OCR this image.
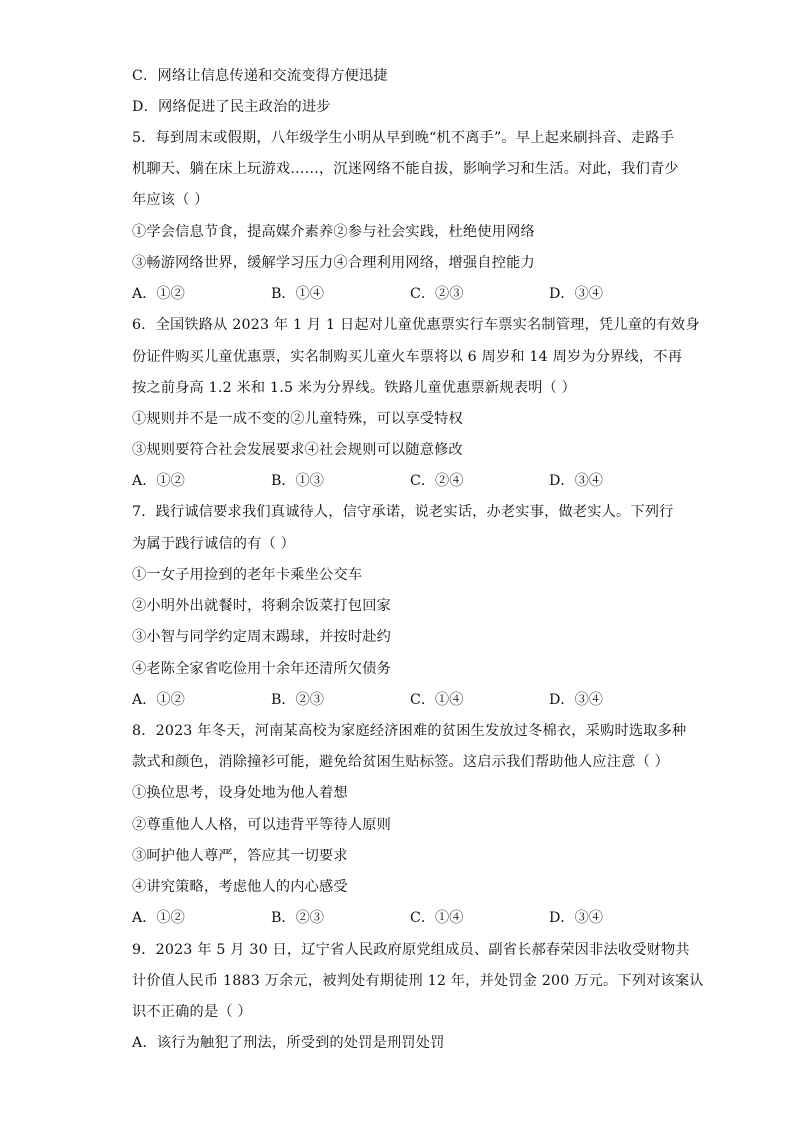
C．网络让信息传递和交流变得方便迅捷
D．网络促进了民主政治的进步
5．每到周末或假期，八年级学生小明从早到晚“机不离手”。早上起来刷抖音、走路手
机聊天、躺在床上玩游戏……，沉迷网络不能自拔，影响学习和生活。对此，我们青少
年应该（ ）
①学会信息节食，提高媒介素养②参与社会实践，杜绝使用网络
③畅游网络世界，缓解学习压力④合理利用网络，增强自控能力
A．①②	B．①④	C．②③	D．③④
6．全国铁路从 2023 年 1 月 1 日起对儿童优惠票实行车票实名制管理，凭儿童的有效身
份证件购买儿童优惠票，实名制购买儿童火车票将以 6 周岁和 14 周岁为分界线，不再
按之前身高 1.2 米和 1.5 米为分界线。铁路儿童优惠票新规表明（ ）
①规则并不是一成不变的②儿童特殊，可以享受特权
③规则要符合社会发展要求④社会规则可以随意修改
A．①②	B．①③	C．②④	D．③④
7．践行诚信要求我们真诚待人，信守承诺，说老实话，办老实事，做老实人。下列行
为属于践行诚信的有（ ）
①一女子用捡到的老年卡乘坐公交车
②小明外出就餐时，将剩余饭菜打包回家
③小智与同学约定周末踢球，并按时赴约
④老陈全家省吃俭用十余年还清所欠债务
A．①②	B．②③	C．①④	D．③④
8．2023 年冬天，河南某高校为家庭经济困难的贫困生发放过冬棉衣，采购时选取多种
款式和颜色，消除撞衫可能，避免给贫困生贴标签。这启示我们帮助他人应注意（ ）
①换位思考，设身处地为他人着想
②尊重他人人格，可以违背平等待人原则
③呵护他人尊严，答应其一切要求
④讲究策略，考虑他人的内心感受
A．①②	B．②③	C．①④	D．③④
9．2023 年 5 月 30 日，辽宁省人民政府原党组成员、副省长郝春荣因非法收受财物共
计价值人民币 1883 万余元，被判处有期徒刑 12 年，并处罚金 200 万元。下列对该案认
识不正确的是（ ）
A．该行为触犯了刑法，所受到的处罚是刑罚处罚
